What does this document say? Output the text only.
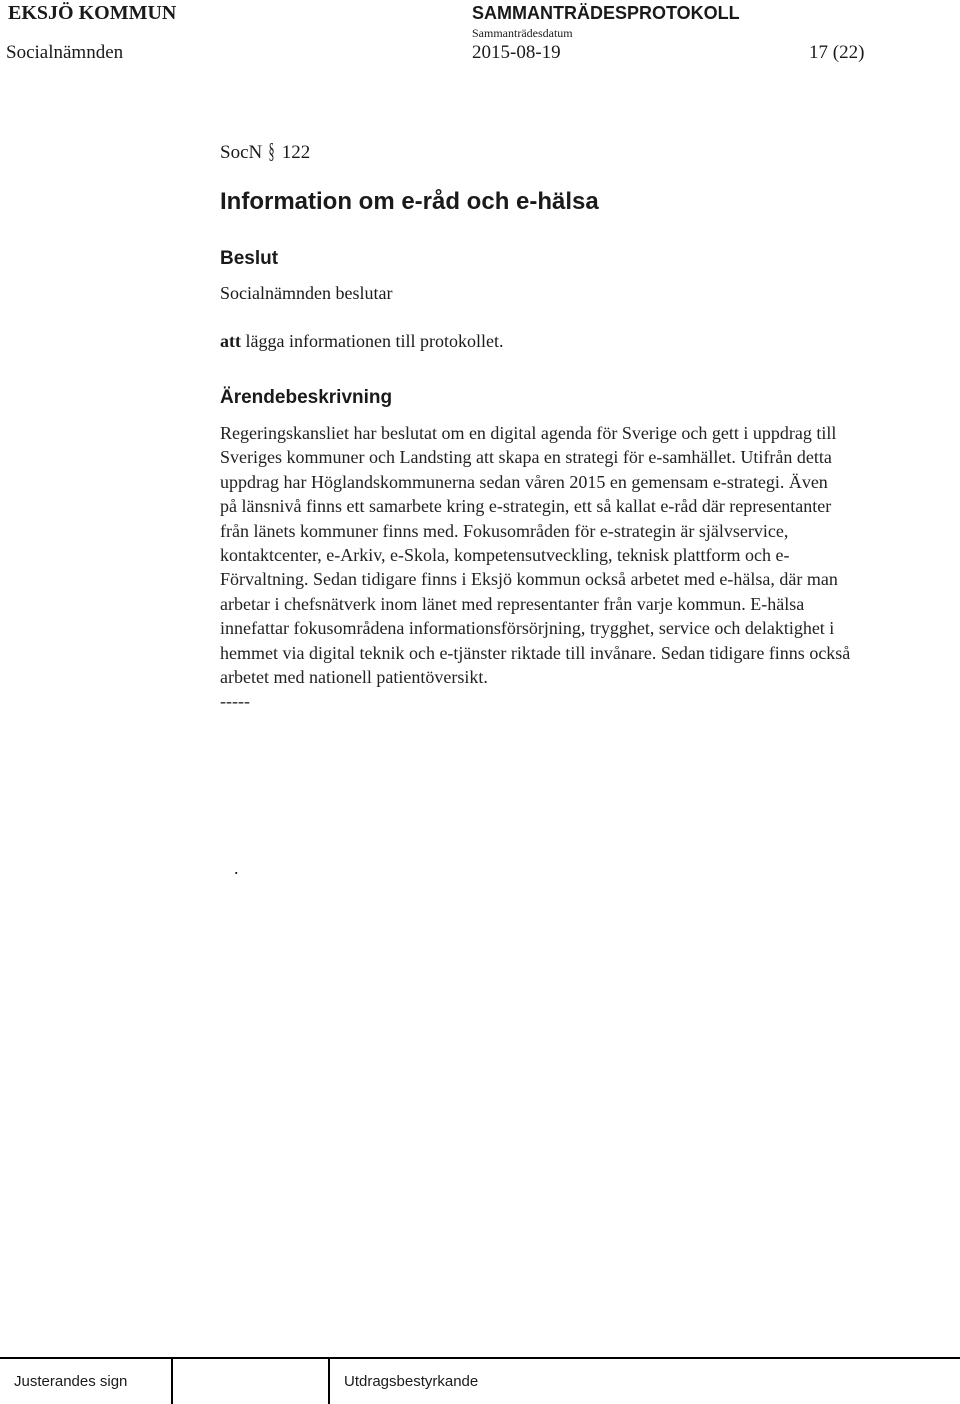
EKSJÖ KOMMUN	SAMMANTRÄDESPROTOKOLL
Sammanträdesdatum
Socialnämnden	2015-08-19	17 (22)
SocN § 122
Information om e-råd och e-hälsa
Beslut
Socialnämnden beslutar
att lägga informationen till protokollet.
Ärendebeskrivning

Regeringskansliet har beslutat om en digital agenda för Sverige och gett i uppdrag till
Sveriges kommuner och Landsting att skapa en strategi för e-samhället. Utifrån detta
uppdrag har Höglandskommunerna sedan våren 2015 en gemensam e-strategi. Även
på länsnivå finns ett samarbete kring e-strategin, ett så kallat e-råd där representanter
från länets kommuner finns med. Fokusområden för e-strategin är självservice,
kontaktcenter, e-Arkiv, e-Skola, kompetensutveckling, teknisk plattform och e-
Förvaltning. Sedan tidigare finns i Eksjö kommun också arbetet med e-hälsa, där man
arbetar i chefsnätverk inom länet med representanter från varje kommun. E-hälsa
innefattar fokusområdena informationsförsörjning, trygghet, service och delaktighet i
hemmet via digital teknik och e-tjänster riktade till invånare. Sedan tidigare finns också
arbetet med nationell patientöversikt.
-----

.
Justerandes sign	Utdragsbestyrkande
